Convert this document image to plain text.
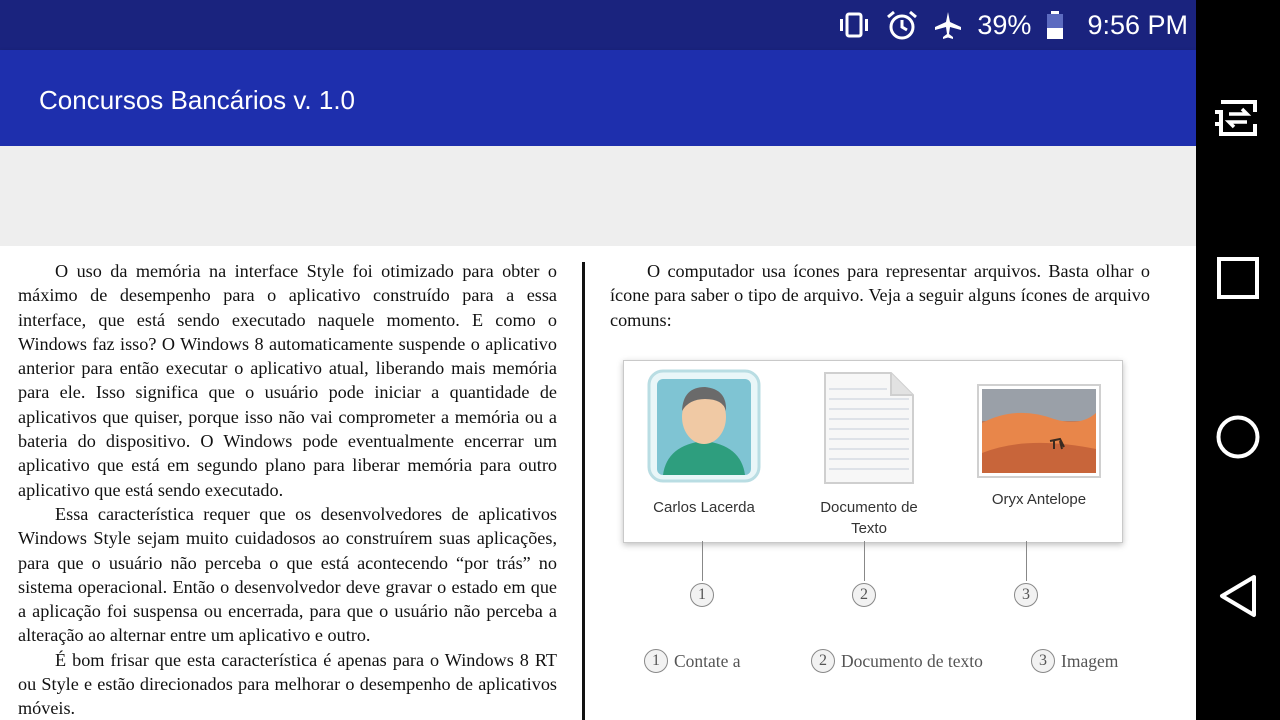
39% 9:56 PM
Concursos Bancários v. 1.0

O uso da memória na interface Style foi otimizado para obter o máximo de desempenho para o aplicativo construído para a essa interface, que está sendo executado naquele momento. E como o Windows faz isso? O Windows 8 automaticamente suspende o aplicativo anterior para então executar o aplicativo atual, liberando mais memória para ele. Isso significa que o usuário pode iniciar a quantidade de aplicativos que quiser, porque isso não vai comprometer a memória ou a bateria do dispositivo. O Windows pode eventualmente encerrar um aplicativo que está em segundo plano para liberar memória para outro aplicativo que está sendo executado.

Essa característica requer que os desenvolvedores de aplicativos Windows Style sejam muito cuidadosos ao construírem suas aplicações, para que o usuário não perceba o que está acontecendo “por trás” no sistema operacional. Então o desenvolvedor deve gravar o estado em que a aplicação foi suspensa ou encerrada, para que o usuário não perceba a alteração ao alternar entre um aplicativo e outro.

É bom frisar que esta característica é apenas para o Windows 8 RT ou Style e estão direcionados para melhorar o desempenho de aplicativos móveis.

O computador usa ícones para representar arquivos. Basta olhar o ícone para saber o tipo de arquivo. Veja a seguir alguns ícones de arquivo comuns:

Carlos Lacerda	Documento de
Texto
Oryx Antelope
1	2	3
1 Contate a	2 Documento de texto	3 Imagem
